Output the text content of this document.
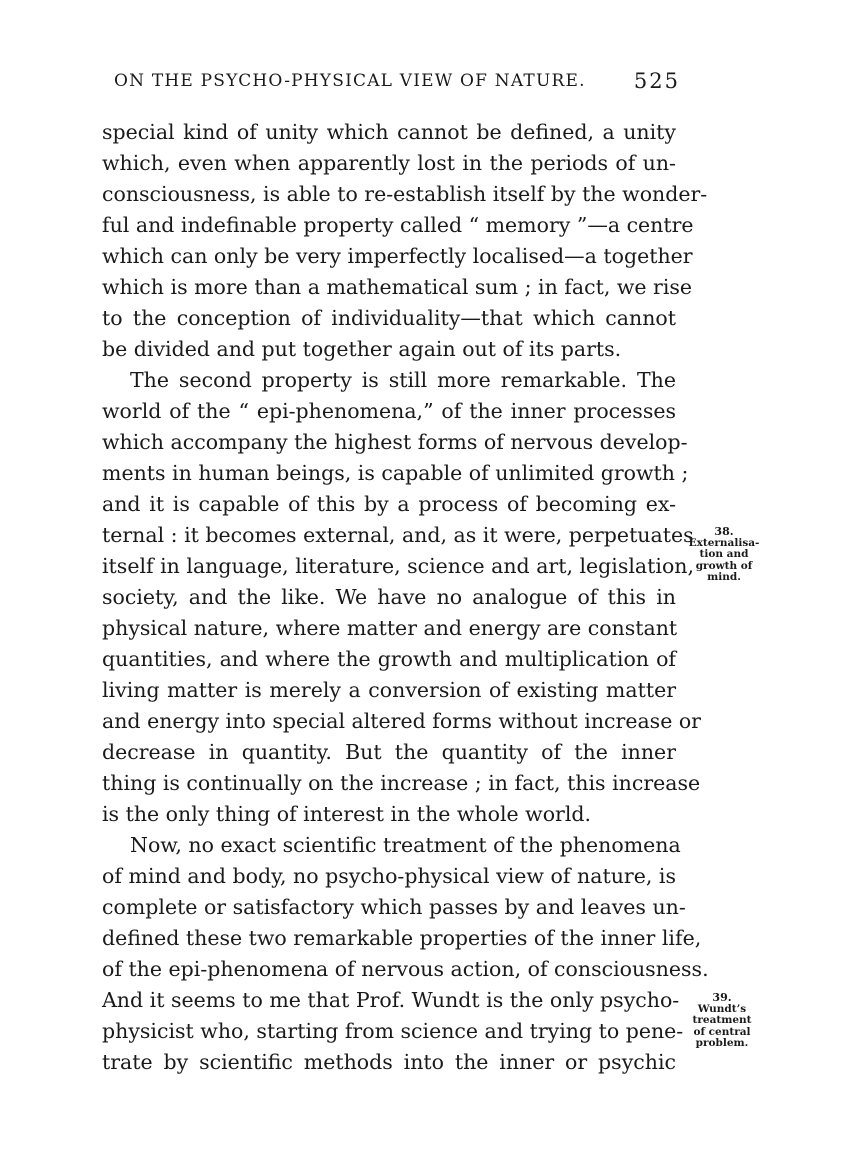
ON THE PSYCHO-PHYSICAL VIEW OF NATURE. 525
special kind of unity which cannot be defined, a unity
which, even when apparently lost in the periods of un-
consciousness, is able to re-establish itself by the wonder-
ful and indefinable property called “ memory ”—a centre
which can only be very imperfectly localised—a together
which is more than a mathematical sum ; in fact, we rise
to the conception of individuality—that which cannot
be divided and put together again out of its parts.
The second property is still more remarkable. The
world of the “ epi-phenomena,” of the inner processes
which accompany the highest forms of nervous develop-
ments in human beings, is capable of unlimited growth ;
and it is capable of this by a process of becoming ex-
ternal : it becomes external, and, as it were, perpetuates
itself in language, literature, science and art, legislation,
society, and the like. We have no analogue of this in
physical nature, where matter and energy are constant
quantities, and where the growth and multiplication of
living matter is merely a conversion of existing matter
and energy into special altered forms without increase or
decrease in quantity. But the quantity of the inner
thing is continually on the increase ; in fact, this increase
is the only thing of interest in the whole world.
Now, no exact scientific treatment of the phenomena
of mind and body, no psycho-physical view of nature, is
complete or satisfactory which passes by and leaves un-
defined these two remarkable properties of the inner life,
of the epi-phenomena of nervous action, of consciousness.
And it seems to me that Prof. Wundt is the only psycho-
physicist who, starting from science and trying to pene-
trate by scientific methods into the inner or psychic
38.
Externalisa-
tion and
growth of
mind.
39.
Wundt’s
treatment
of central
problem.
